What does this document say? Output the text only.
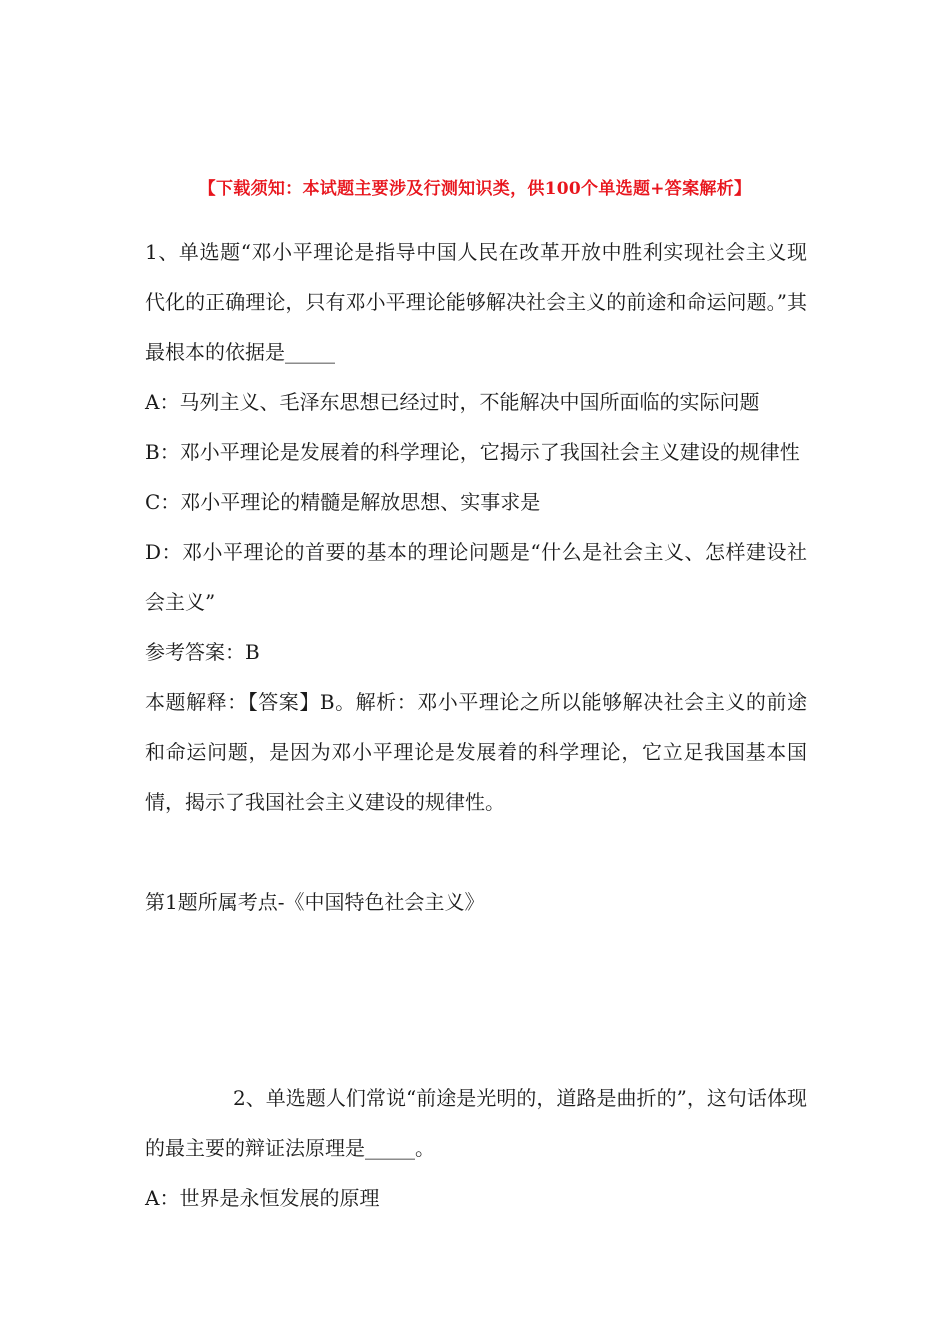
【下载须知：本试题主要涉及行测知识类，供100个单选题+答案解析】

1、单选题“邓小平理论是指导中国人民在改革开放中胜利实现社会主义现代化的正确理论，只有邓小平理论能够解决社会主义的前途和命运问题。”其最根本的依据是_____

A：马列主义、毛泽东思想已经过时，不能解决中国所面临的实际问题

B：邓小平理论是发展着的科学理论，它揭示了我国社会主义建设的规律性

C：邓小平理论的精髓是解放思想、实事求是

D：邓小平理论的首要的基本的理论问题是“什么是社会主义、怎样建设社会主义”

参考答案：B

本题解释：【答案】B。解析：邓小平理论之所以能够解决社会主义的前途和命运问题，是因为邓小平理论是发展着的科学理论，它立足我国基本国情，揭示了我国社会主义建设的规律性。

第1题所属考点-《中国特色社会主义》

2、单选题人们常说“前途是光明的，道路是曲折的”，这句话体现的最主要的辩证法原理是_____。

A：世界是永恒发展的原理
